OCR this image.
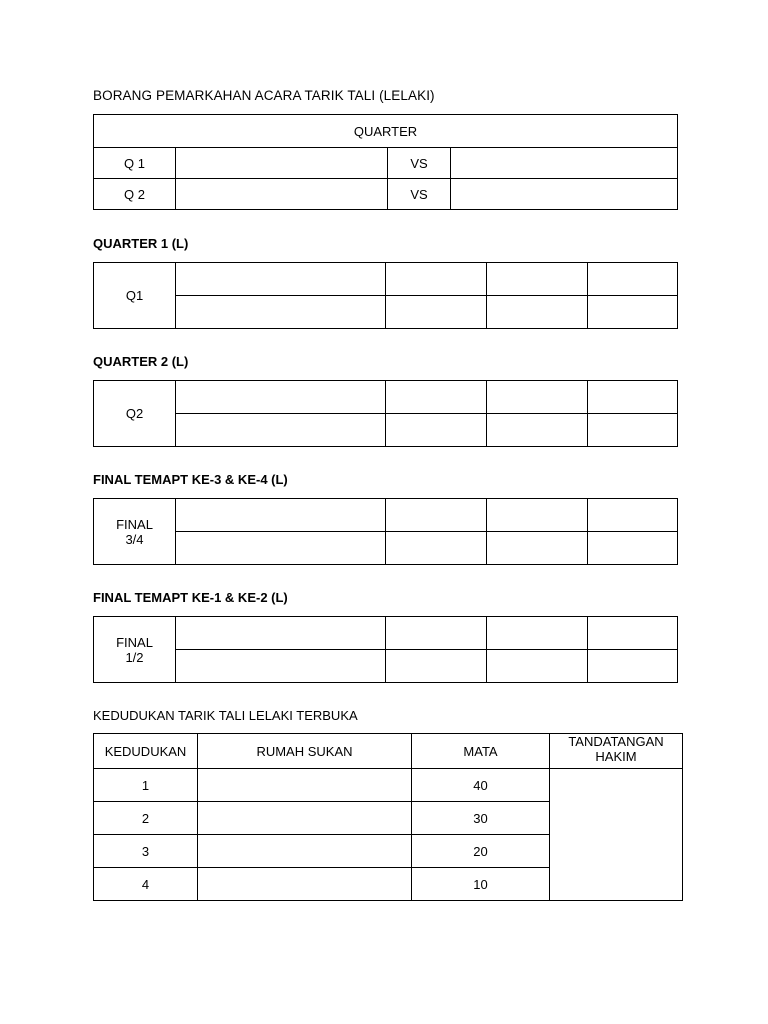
BORANG PEMARKAHAN ACARA TARIK TALI (LELAKI)
QUARTER			
Q 1		VS	
Q 2		VS	
QUARTER 1 (L)
Q1				

QUARTER 2 (L)
Q2				

FINAL TEMAPT KE-3 & KE-4 (L)
FINAL
3/4				

FINAL TEMAPT KE-1 & KE-2 (L)
FINAL
1/2				

KEDUDUKAN TARIK TALI LELAKI TERBUKA
KEDUDUKAN	RUMAH SUKAN	MATA	TANDATANGAN HAKIM
1		40	
2		30	
3		20	
4		10	
